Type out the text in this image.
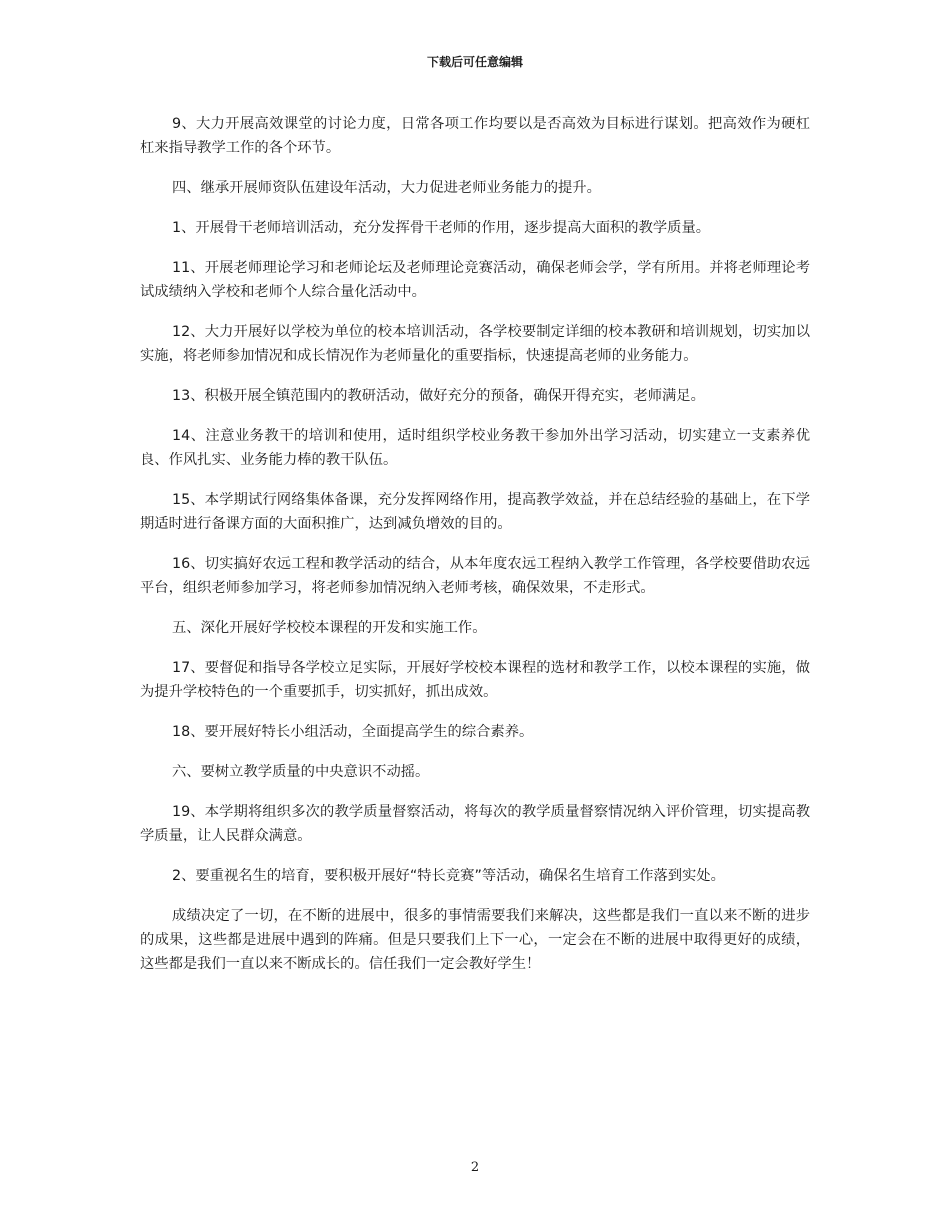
下载后可任意编辑

9、大力开展高效课堂的讨论力度，日常各项工作均要以是否高效为目标进行谋划。把高效作为硬杠杠来指导教学工作的各个环节。

四、继承开展师资队伍建设年活动，大力促进老师业务能力的提升。

1、开展骨干老师培训活动，充分发挥骨干老师的作用，逐步提高大面积的教学质量。

11、开展老师理论学习和老师论坛及老师理论竞赛活动，确保老师会学，学有所用。并将老师理论考试成绩纳入学校和老师个人综合量化活动中。

12、大力开展好以学校为单位的校本培训活动，各学校要制定详细的校本教研和培训规划，切实加以实施，将老师参加情况和成长情况作为老师量化的重要指标，快速提高老师的业务能力。

13、积极开展全镇范围内的教研活动，做好充分的预备，确保开得充实，老师满足。

14、注意业务教干的培训和使用，适时组织学校业务教干参加外出学习活动，切实建立一支素养优良、作风扎实、业务能力棒的教干队伍。

15、本学期试行网络集体备课，充分发挥网络作用，提高教学效益，并在总结经验的基础上，在下学期适时进行备课方面的大面积推广，达到减负增效的目的。

16、切实搞好农远工程和教学活动的结合，从本年度农远工程纳入教学工作管理，各学校要借助农远平台，组织老师参加学习，将老师参加情况纳入老师考核，确保效果，不走形式。

五、深化开展好学校校本课程的开发和实施工作。

17、要督促和指导各学校立足实际，开展好学校校本课程的选材和教学工作，以校本课程的实施，做为提升学校特色的一个重要抓手，切实抓好，抓出成效。

18、要开展好特长小组活动，全面提高学生的综合素养。

六、要树立教学质量的中央意识不动摇。

19、本学期将组织多次的教学质量督察活动，将每次的教学质量督察情况纳入评价管理，切实提高教学质量，让人民群众满意。

2、要重视名生的培育，要积极开展好“特长竞赛”等活动，确保名生培育工作落到实处。

成绩决定了一切，在不断的进展中，很多的事情需要我们来解决，这些都是我们一直以来不断的进步的成果，这些都是进展中遇到的阵痛。但是只要我们上下一心，一定会在不断的进展中取得更好的成绩，这些都是我们一直以来不断成长的。信任我们一定会教好学生！

2
